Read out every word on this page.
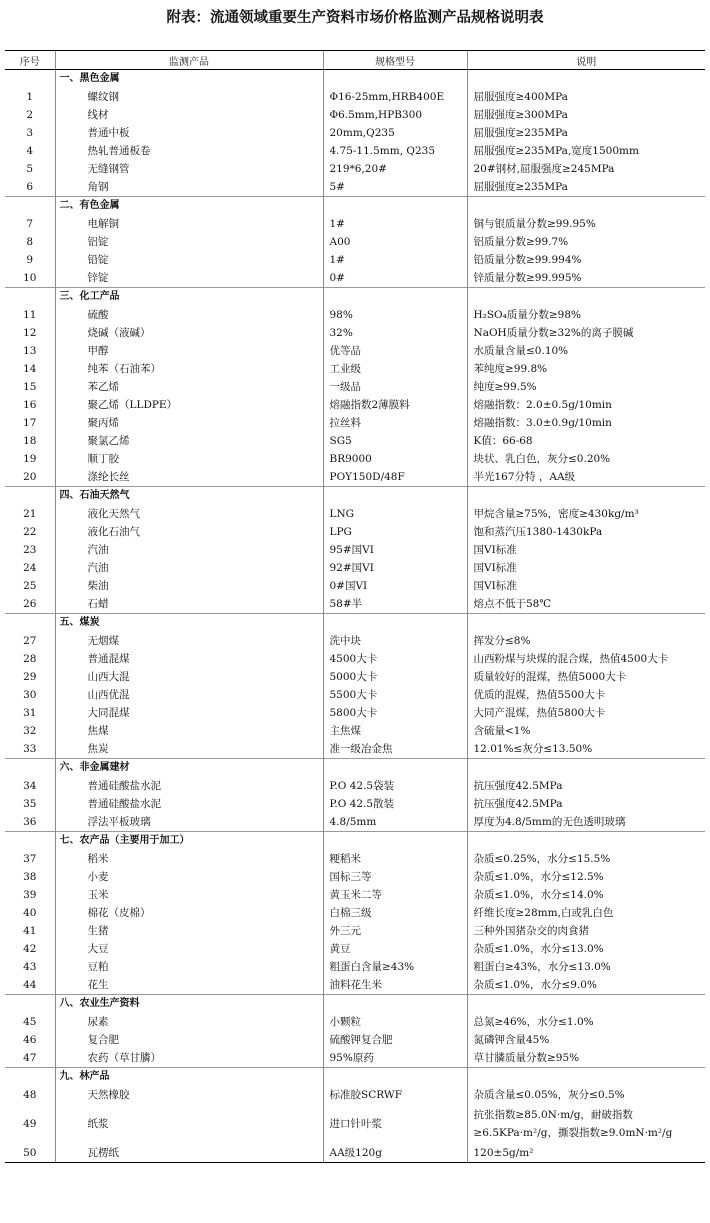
附表：流通领域重要生产资料市场价格监测产品规格说明表
序号	监测产品	规格型号	说明
	一、黑色金属		
1	螺纹钢	Φ16-25mm,HRB400E	屈服强度≥400MPa
2	线材	Φ6.5mm,HPB300	屈服强度≥300MPa
3	普通中板	20mm,Q235	屈服强度≥235MPa
4	热轧普通板卷	4.75-11.5mm, Q235	屈服强度≥235MPa,宽度1500mm
5	无缝钢管	219*6,20#	20#钢材,屈服强度≥245MPa
6	角钢	5#	屈服强度≥235MPa
	二、有色金属		
7	电解铜	1#	铜与银质量分数≥99.95%
8	铝锭	A00	铝质量分数≥99.7%
9	铅锭	1#	铅质量分数≥99.994%
10	锌锭	0#	锌质量分数≥99.995%
	三、化工产品		
11	硫酸	98%	H₂SO₄质量分数≥98%
12	烧碱（液碱）	32%	NaOH质量分数≥32%的离子膜碱
13	甲醇	优等品	水质量含量≤0.10%
14	纯苯（石油苯）	工业级	苯纯度≥99.8%
15	苯乙烯	一级品	纯度≥99.5%
16	聚乙烯（LLDPE）	熔融指数2薄膜料	熔融指数：2.0±0.5g/10min
17	聚丙烯	拉丝料	熔融指数：3.0±0.9g/10min
18	聚氯乙烯	SG5	K值：66-68
19	顺丁胶	BR9000	块状、乳白色，灰分≤0.20%
20	涤纶长丝	POY150D/48F	半光167分特 ，AA级
	四、石油天然气		
21	液化天然气	LNG	甲烷含量≥75%，密度≥430kg/m³
22	液化石油气	LPG	饱和蒸汽压1380-1430kPa
23	汽油	95#国VI	国VI标准
24	汽油	92#国VI	国VI标准
25	柴油	0#国VI	国VI标准
26	石蜡	58#半	熔点不低于58℃
	五、煤炭		
27	无烟煤	洗中块	挥发分≤8%
28	普通混煤	4500大卡	山西粉煤与块煤的混合煤，热值4500大卡
29	山西大混	5000大卡	质量较好的混煤，热值5000大卡
30	山西优混	5500大卡	优质的混煤，热值5500大卡
31	大同混煤	5800大卡	大同产混煤，热值5800大卡
32	焦煤	主焦煤	含硫量<1%
33	焦炭	准一级冶金焦	12.01%≤灰分≤13.50%
	六、非金属建材		
34	普通硅酸盐水泥	P.O 42.5袋装	抗压强度42.5MPa
35	普通硅酸盐水泥	P.O 42.5散装	抗压强度42.5MPa
36	浮法平板玻璃	4.8/5mm	厚度为4.8/5mm的无色透明玻璃
	七、农产品（主要用于加工）		
37	稻米	粳稻米	杂质≤0.25%，水分≤15.5%
38	小麦	国标三等	杂质≤1.0%，水分≤12.5%
39	玉米	黄玉米二等	杂质≤1.0%，水分≤14.0%
40	棉花（皮棉）	白棉三级	纤维长度≥28mm,白或乳白色
41	生猪	外三元	三种外国猪杂交的肉食猪
42	大豆	黄豆	杂质≤1.0%，水分≤13.0%
43	豆粕	粗蛋白含量≥43%	粗蛋白≥43%，水分≤13.0%
44	花生	油料花生米	杂质≤1.0%，水分≤9.0%
	八、农业生产资料		
45	尿素	小颗粒	总氮≥46%，水分≤1.0%
46	复合肥	硫酸钾复合肥	氮磷钾含量45%
47	农药（草甘膦）	95%原药	草甘膦质量分数≥95%
	九、林产品		
48	天然橡胶	标准胶SCRWF	杂质含量≤0.05%，灰分≤0.5%
49	纸浆	进口针叶浆	抗张指数≥85.0N·m/g，耐破指数≥6.5KPa·m²/g，撕裂指数≥9.0mN·m²/g
50	瓦楞纸	AA级120g	120±5g/m²
